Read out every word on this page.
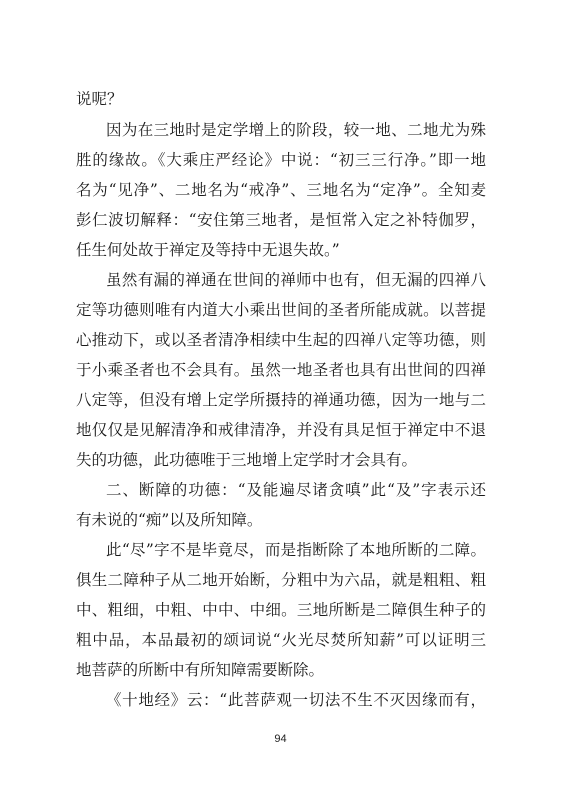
说呢？
因为在三地时是定学增上的阶段，较一地、二地尤为殊
胜的缘故。《大乘庄严经论》中说：“初三三行净。”即一地
名为“见净”、二地名为“戒净”、三地名为“定净”。全知麦
彭仁波切解释：“安住第三地者，是恒常入定之补特伽罗，
任生何处故于禅定及等持中无退失故。”
虽然有漏的禅通在世间的禅师中也有，但无漏的四禅八
定等功德则唯有内道大小乘出世间的圣者所能成就。以菩提
心推动下，或以圣者清净相续中生起的四禅八定等功德，则
于小乘圣者也不会具有。虽然一地圣者也具有出世间的四禅
八定等，但没有增上定学所摄持的禅通功德，因为一地与二
地仅仅是见解清净和戒律清净，并没有具足恒于禅定中不退
失的功德，此功德唯于三地增上定学时才会具有。
二、断障的功德：“及能遍尽诸贪嗔”此“及”字表示还
有未说的“痴”以及所知障。
此“尽”字不是毕竟尽，而是指断除了本地所断的二障。
俱生二障种子从二地开始断，分粗中为六品，就是粗粗、粗
中、粗细，中粗、中中、中细。三地所断是二障俱生种子的
粗中品，本品最初的颂词说“火光尽焚所知薪”可以证明三
地菩萨的所断中有所知障需要断除。
《十地经》云：“此菩萨观一切法不生不灭因缘而有，
94
